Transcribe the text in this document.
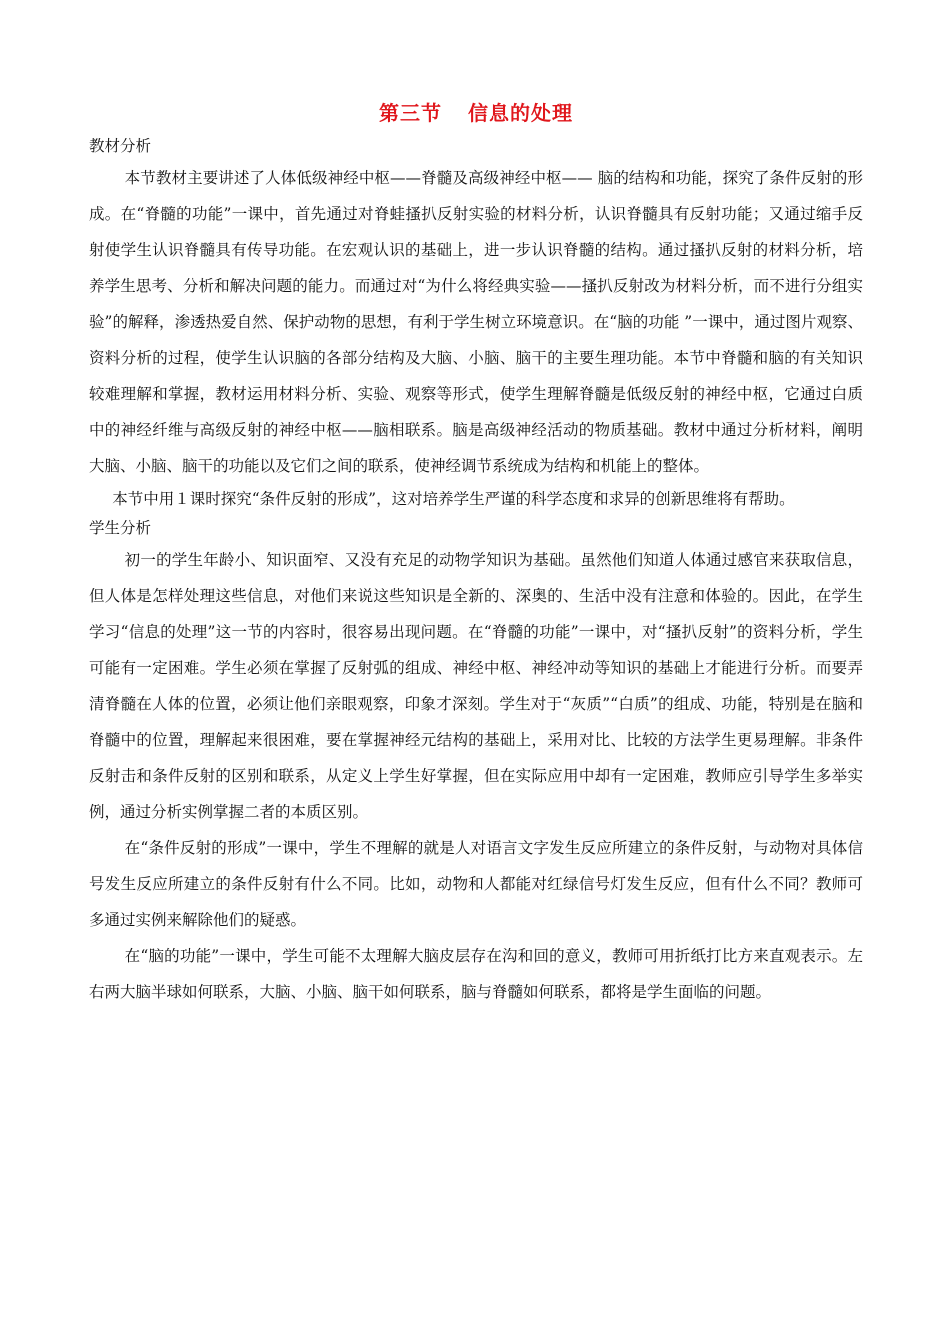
第三节 信息的处理

教材分析

本节教材主要讲述了人体低级神经中枢——脊髓及高级神经中枢—— 脑的结构和功能，探究了条件反射的形成。在“脊髓的功能”一课中，首先通过对脊蛙搔扒反射实验的材料分析，认识脊髓具有反射功能；又通过缩手反射使学生认识脊髓具有传导功能。在宏观认识的基础上，进一步认识脊髓的结构。通过搔扒反射的材料分析，培养学生思考、分析和解决问题的能力。而通过对“为什么将经典实验——搔扒反射改为材料分析，而不进行分组实验”的解释，渗透热爱自然、保护动物的思想，有利于学生树立环境意识。在“脑的功能 ”一课中，通过图片观察、资料分析的过程，使学生认识脑的各部分结构及大脑、小脑、脑干的主要生理功能。本节中脊髓和脑的有关知识较难理解和掌握，教材运用材料分析、实验、观察等形式，使学生理解脊髓是低级反射的神经中枢，它通过白质中的神经纤维与高级反射的神经中枢——脑相联系。脑是高级神经活动的物质基础。教材中通过分析材料，阐明大脑、小脑、脑干的功能以及它们之间的联系，使神经调节系统成为结构和机能上的整体。

本节中用１课时探究“条件反射的形成”，这对培养学生严谨的科学态度和求异的创新思维将有帮助。

学生分析

初一的学生年龄小、知识面窄、又没有充足的动物学知识为基础。虽然他们知道人体通过感官来获取信息，但人体是怎样处理这些信息，对他们来说这些知识是全新的、深奥的、生活中没有注意和体验的。因此，在学生学习“信息的处理”这一节的内容时，很容易出现问题。在“脊髓的功能”一课中，对“搔扒反射”的资料分析，学生可能有一定困难。学生必须在掌握了反射弧的组成、神经中枢、神经冲动等知识的基础上才能进行分析。而要弄清脊髓在人体的位置，必须让他们亲眼观察，印象才深刻。学生对于“灰质”“白质”的组成、功能，特别是在脑和脊髓中的位置，理解起来很困难，要在掌握神经元结构的基础上，采用对比、比较的方法学生更易理解。非条件反射击和条件反射的区别和联系，从定义上学生好掌握，但在实际应用中却有一定困难，教师应引导学生多举实例，通过分析实例掌握二者的本质区别。

在“条件反射的形成”一课中，学生不理解的就是人对语言文字发生反应所建立的条件反射，与动物对具体信号发生反应所建立的条件反射有什么不同。比如，动物和人都能对红绿信号灯发生反应，但有什么不同？教师可多通过实例来解除他们的疑惑。

在“脑的功能”一课中，学生可能不太理解大脑皮层存在沟和回的意义，教师可用折纸打比方来直观表示。左右两大脑半球如何联系，大脑、小脑、脑干如何联系，脑与脊髓如何联系，都将是学生面临的问题。
